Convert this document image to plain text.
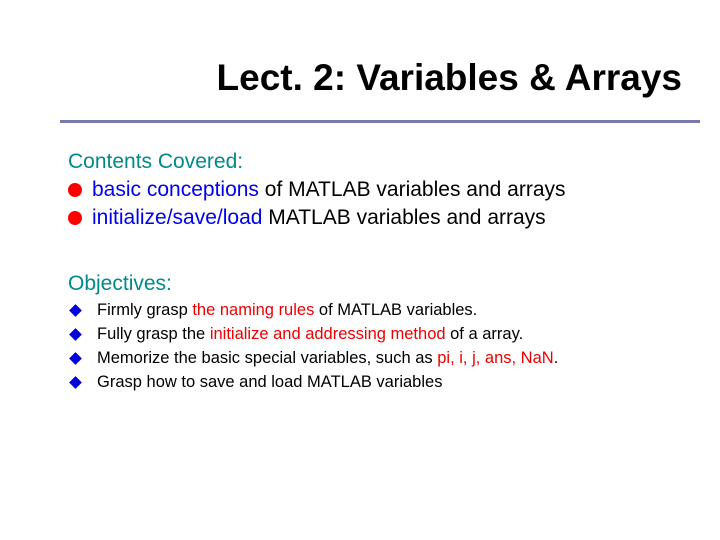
Lect. 2: Variables & Arrays

Contents Covered:

basic conceptions of MATLAB variables and arrays
initialize/save/load MATLAB variables and arrays

Objectives:

Firmly grasp the naming rules of MATLAB variables.
Fully grasp the initialize and addressing method of a array.
Memorize the basic special variables, such as pi, i, j, ans, NaN.
Grasp how to save and load MATLAB variables
